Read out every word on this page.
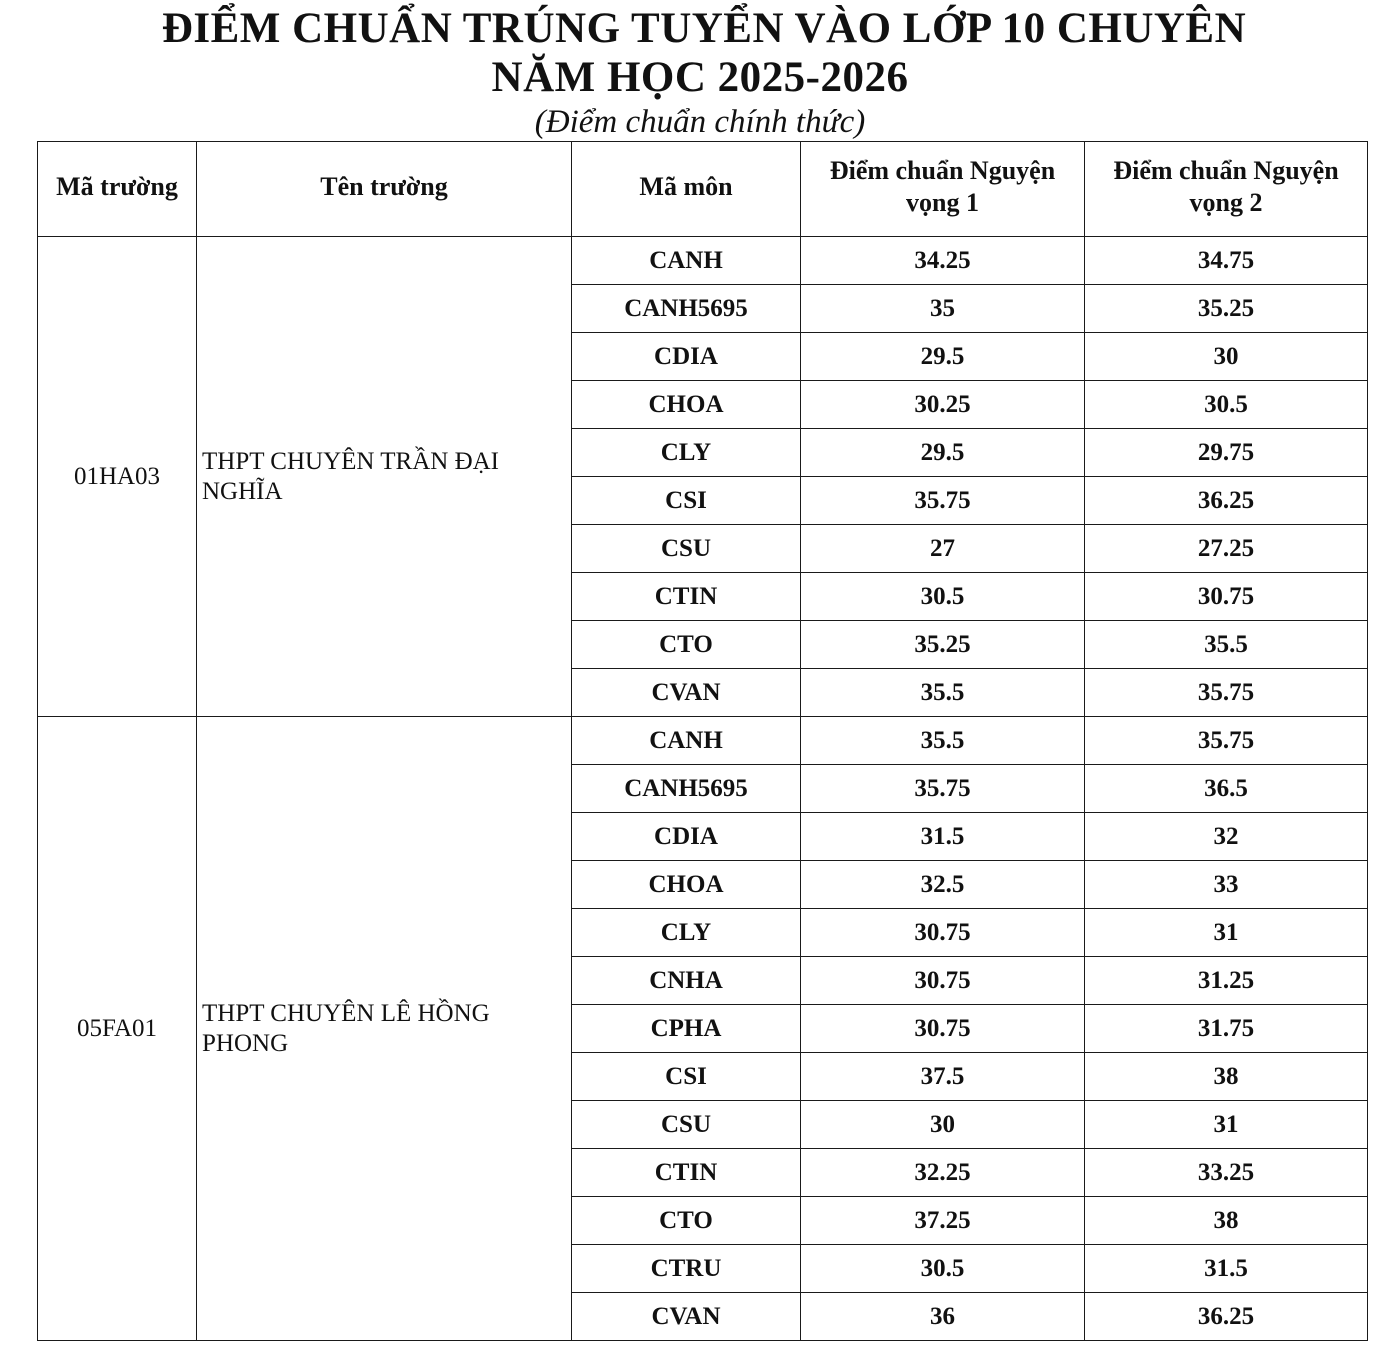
ĐIỂM CHUẨN TRÚNG TUYỂN VÀO LỚP 10 CHUYÊN
NĂM HỌC 2025-2026
(Điểm chuẩn chính thức)
Mã trường	Tên trường	Mã môn	Điểm chuẩn Nguyện vọng 1	Điểm chuẩn Nguyện vọng 2
01HA03	THPT CHUYÊN TRẦN ĐẠI NGHĨA	CANH	34.25	34.75
		CANH5695	35	35.25
		CDIA	29.5	30
		CHOA	30.25	30.5
		CLY	29.5	29.75
		CSI	35.75	36.25
		CSU	27	27.25
		CTIN	30.5	30.75
		CTO	35.25	35.5
		CVAN	35.5	35.75
05FA01	THPT CHUYÊN LÊ HỒNG PHONG	CANH	35.5	35.75
		CANH5695	35.75	36.5
		CDIA	31.5	32
		CHOA	32.5	33
		CLY	30.75	31
		CNHA	30.75	31.25
		CPHA	30.75	31.75
		CSI	37.5	38
		CSU	30	31
		CTIN	32.25	33.25
		CTO	37.25	38
		CTRU	30.5	31.5
		CVAN	36	36.25
